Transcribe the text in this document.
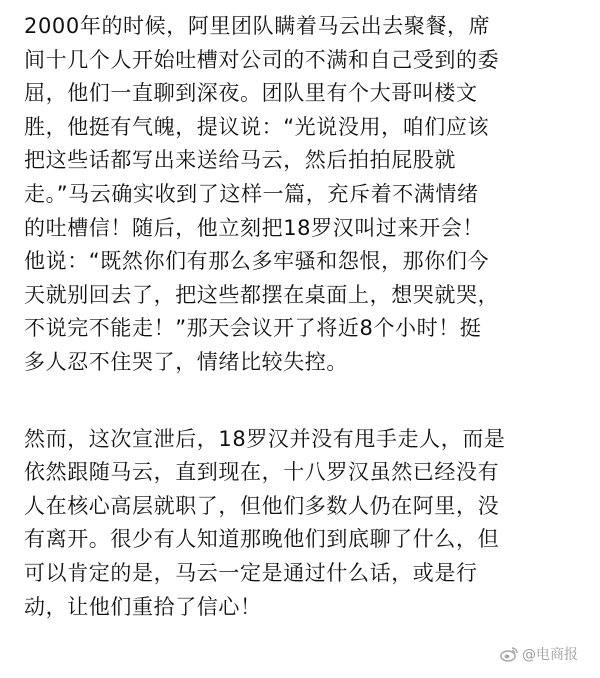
2000年的时候，阿里团队瞒着马云出去聚餐，席
间十几个人开始吐槽对公司的不满和自己受到的委
屈，他们一直聊到深夜。团队里有个大哥叫楼文
胜，他挺有气魄，提议说：“光说没用，咱们应该
把这些话都写出来送给马云，然后拍拍屁股就
走。”马云确实收到了这样一篇，充斥着不满情绪
的吐槽信！随后，他立刻把18罗汉叫过来开会！
他说：“既然你们有那么多牢骚和怨恨，那你们今
天就别回去了，把这些都摆在桌面上，想哭就哭，
不说完不能走！”那天会议开了将近8个小时！挺
多人忍不住哭了，情绪比较失控。
然而，这次宣泄后，18罗汉并没有甩手走人，而是
依然跟随马云，直到现在，十八罗汉虽然已经没有
人在核心高层就职了，但他们多数人仍在阿里，没
有离开。很少有人知道那晚他们到底聊了什么，但
可以肯定的是，马云一定是通过什么话，或是行
动，让他们重拾了信心！
@电商报
